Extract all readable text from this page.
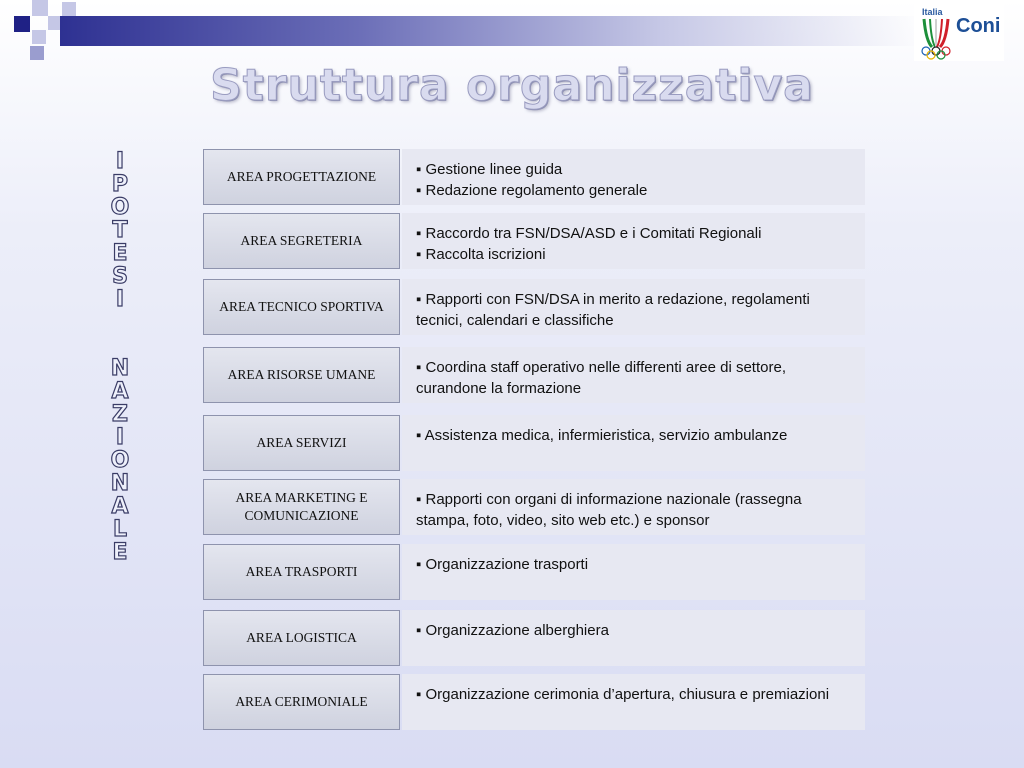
Italia
Coni
Struttura organizzativa
I
P
O
T
E
S
I
N
A
Z
I
O
N
A
L
E
AREA PROGETTAZIONE	▪ Gestione linee guida
▪ Redazione regolamento generale
AREA SEGRETERIA	▪ Raccordo tra FSN/DSA/ASD e i Comitati Regionali
▪ Raccolta iscrizioni
AREA TECNICO SPORTIVA	▪ Rapporti con FSN/DSA in merito a redazione, regolamenti tecnici, calendari e classifiche
AREA RISORSE UMANE	▪ Coordina staff operativo nelle differenti aree di settore, curandone la formazione
AREA SERVIZI	▪ Assistenza medica, infermieristica, servizio ambulanze
AREA MARKETING E COMUNICAZIONE
▪ Rapporti con organi di informazione nazionale (rassegna stampa, foto, video, sito web etc.) e sponsor
AREA TRASPORTI	▪ Organizzazione trasporti
AREA LOGISTICA	▪ Organizzazione alberghiera
AREA CERIMONIALE	▪ Organizzazione cerimonia d’apertura, chiusura e premiazioni
